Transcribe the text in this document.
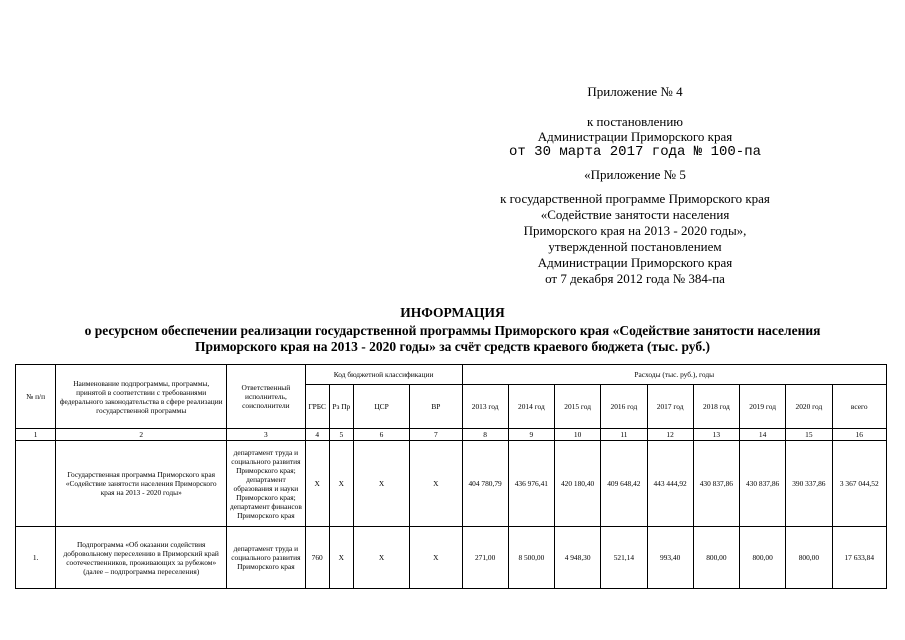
Приложение № 4
к постановлению
Администрации Приморского края
от 30 марта 2017 года № 100-па
«Приложение № 5
к государственной программе Приморского края
«Содействие занятости населения
Приморского края на 2013 - 2020 годы»,
утвержденной постановлением
Администрации Приморского края
от 7 декабря 2012 года № 384-па
ИНФОРМАЦИЯ
о ресурсном обеспечении реализации государственной программы Приморского края «Содействие занятости населения
Приморского края на 2013 - 2020 годы» за счёт средств краевого бюджета (тыс. руб.)
№ п/п	Наименование подпрограммы, программы, принятой в соответствии с требованиями федерального законодательства в сфере реализации государственной программы	Ответственный исполнитель, соисполнители	Код бюджетной классификации				Расходы (тыс. руб.), годы								
			ГРБС	Рз Пр	ЦСР	ВР	2013 год	2014 год	2015 год	2016 год	2017 год	2018 год	2019 год	2020 год	всего
1	2	3	4	5	6	7	8	9	10	11	12	13	14	15	16
	Государственная программа Приморского края «Содействие занятости населения Приморского края на 2013 - 2020 годы»	департамент труда и социального развития Приморского края; департамент образования и науки Приморского края; департамент финансов Приморского края	Х	Х	Х	Х	404 780,79	436 976,41	420 180,40	409 648,42	443 444,92	430 837,86	430 837,86	390 337,86	3 367 044,52
1.	Подпрограмма «Об оказании содействия добровольному переселению в Приморский край соотечественников, проживающих за рубежом» (далее – подпрограмма переселения)	департамент труда и социального развития Приморского края	760	Х	Х	Х	271,00	8 500,00	4 948,30	521,14	993,40	800,00	800,00	800,00	17 633,84
